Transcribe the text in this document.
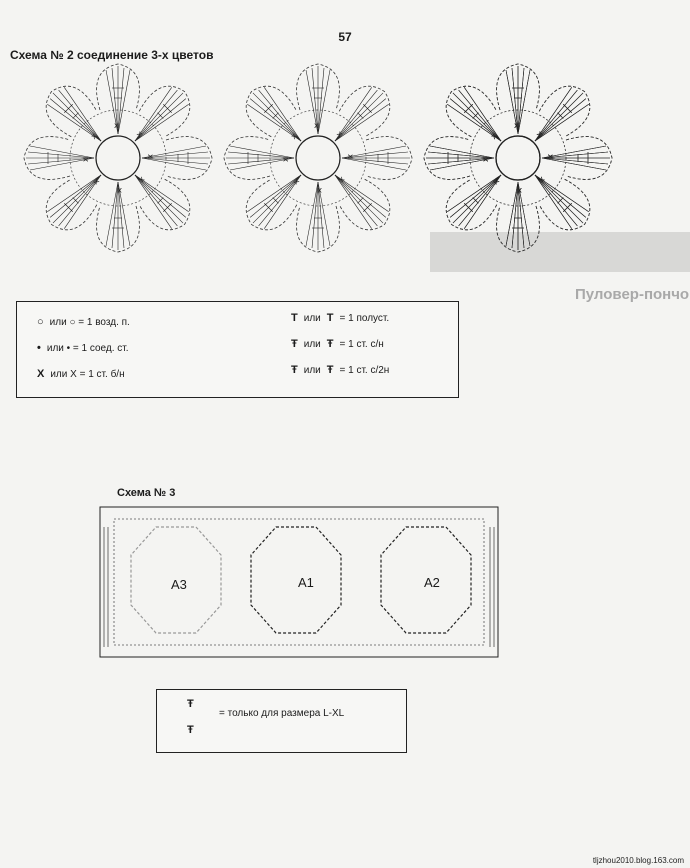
Пуловер-пончо
57
Схема № 2 соединение 3-х цветов
x
○ или ○ = 1 возд. п.
• или • = 1 соед. ст.
X или X = 1 ст. б/н
T или T = 1 полуст.
Ŧ или Ŧ = 1 ст. с/н
Ŧ или Ŧ = 1 ст. с/2н
Схема № 3
A3	A1	A2
Ŧ
= только для размера L-XL
Ŧ
tljzhou2010.blog.163.com
